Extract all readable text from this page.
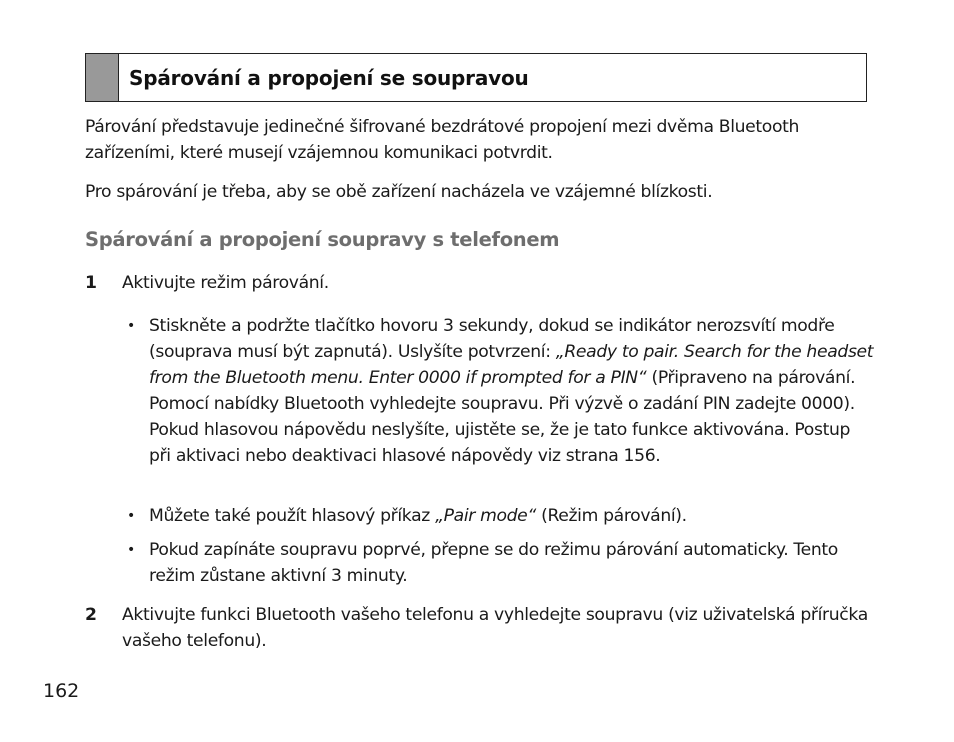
Spárování a propojení se soupravou
Párování představuje jedinečné šifrované bezdrátové propojení mezi dvěma Bluetooth zařízeními, které musejí vzájemnou komunikaci potvrdit.
Pro spárování je třeba, aby se obě zařízení nacházela ve vzájemné blízkosti.
Spárování a propojení soupravy s telefonem
1 Aktivujte režim párování.
• Stiskněte a podržte tlačítko hovoru 3 sekundy, dokud se indikátor nerozsvítí modře (souprava musí být zapnutá). Uslyšíte potvrzení: „Ready to pair. Search for the headset from the Bluetooth menu. Enter 0000 if prompted for a PIN“ (Připraveno na párování. Pomocí nabídky Bluetooth vyhledejte soupravu. Při výzvě o zadání PIN zadejte 0000). Pokud hlasovou nápovědu neslyšíte, ujistěte se, že je tato funkce aktivována. Postup při aktivaci nebo deaktivaci hlasové nápovědy viz strana 156.
• Můžete také použít hlasový příkaz „Pair mode“ (Režim párování).
• Pokud zapínáte soupravu poprvé, přepne se do režimu párování automaticky. Tento režim zůstane aktivní 3 minuty.
2 Aktivujte funkci Bluetooth vašeho telefonu a vyhledejte soupravu (viz uživatelská příručka vašeho telefonu).
162
